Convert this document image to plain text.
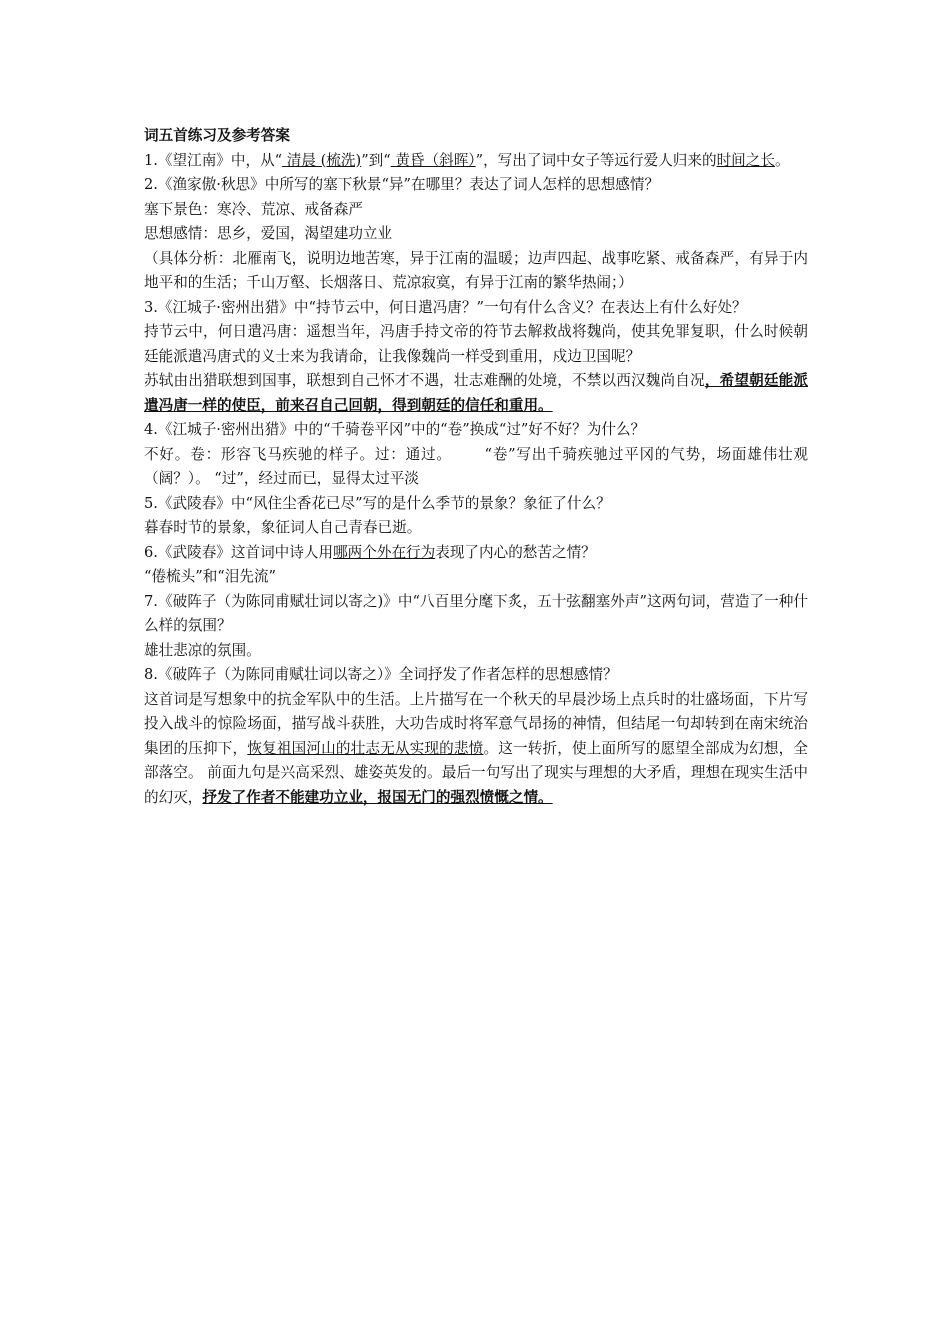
词五首练习及参考答案

1.《望江南》中，从“ 清晨 (梳洗)”到“ 黄昏（斜晖）”，写出了词中女子等远行爱人归来的时间之长。

2.《渔家傲·秋思》中所写的塞下秋景“异”在哪里？表达了词人怎样的思想感情？

塞下景色：寒冷、荒凉、戒备森严

思想感情：思乡，爱国，渴望建功立业

（具体分析：北雁南飞，说明边地苦寒，异于江南的温暖；边声四起、战事吃紧、戒备森严，有异于内地平和的生活；千山万壑、长烟落日、荒凉寂寞，有异于江南的繁华热闹；）

3.《江城子·密州出猎》中“持节云中，何日遣冯唐？”一句有什么含义？在表达上有什么好处？

持节云中，何日遣冯唐：遥想当年，冯唐手持文帝的符节去解救战将魏尚，使其免罪复职，什么时候朝廷能派遣冯唐式的义士来为我请命，让我像魏尚一样受到重用，戍边卫国呢？

苏轼由出猎联想到国事，联想到自己怀才不遇，壮志难酬的处境，不禁以西汉魏尚自况，希望朝廷能派遣冯唐一样的使臣，前来召自己回朝，得到朝廷的信任和重用。

4.《江城子·密州出猎》中的“千骑卷平冈”中的“卷”换成“过”好不好？为什么？

不好。卷：形容飞马疾驰的样子。过：通过。      “卷”写出千骑疾驰过平冈的气势，场面雄伟壮观（阔？）。 “过”，经过而已，显得太过平淡

5.《武陵春》中“风住尘香花已尽”写的是什么季节的景象？象征了什么？

暮春时节的景象，象征词人自己青春已逝。

6.《武陵春》这首词中诗人用哪两个外在行为表现了内心的愁苦之情？

“倦梳头”和“泪先流”

7.《破阵子（为陈同甫赋壮词以寄之)》中“八百里分麾下炙，五十弦翻塞外声”这两句词，营造了一种什么样的氛围？

雄壮悲凉的氛围。

8.《破阵子（为陈同甫赋壮词以寄之）》全词抒发了作者怎样的思想感情？

这首词是写想象中的抗金军队中的生活。上片描写在一个秋天的早晨沙场上点兵时的壮盛场面，下片写投入战斗的惊险场面，描写战斗获胜，大功告成时将军意气昂扬的神情，但结尾一句却转到在南宋统治集团的压抑下，恢复祖国河山的壮志无从实现的悲愤。这一转折，使上面所写的愿望全部成为幻想，全部落空。 前面九句是兴高采烈、雄姿英发的。最后一句写出了现实与理想的大矛盾，理想在现实生活中的幻灭，抒发了作者不能建功立业，报国无门的强烈愤慨之情。
